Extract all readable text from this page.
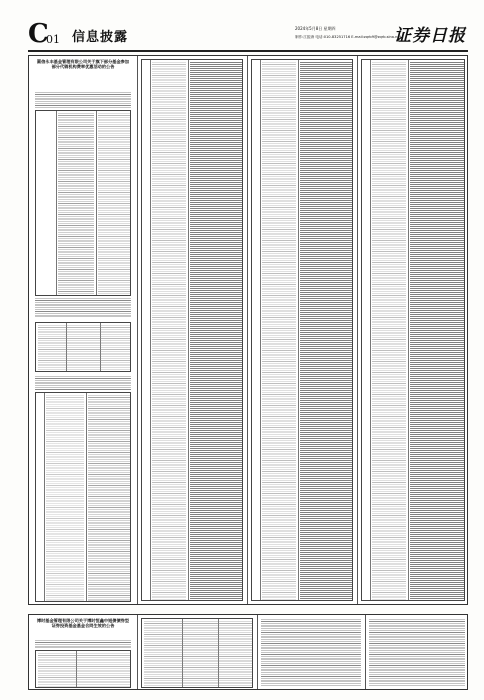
C
01 信息披露
2024年5月8日 星期四
制作:江振涛 电话:010-83251716 E-mail:zqrb9@zqrb.sina.net
证券日报
圆信永丰基金管理有限公司关于旗下部分基金参加部分代销机构费率优惠活动的公告
博时基金管理有限公司关于博时恒鑫中短债债券型证券投资基金基金合同生效的公告
